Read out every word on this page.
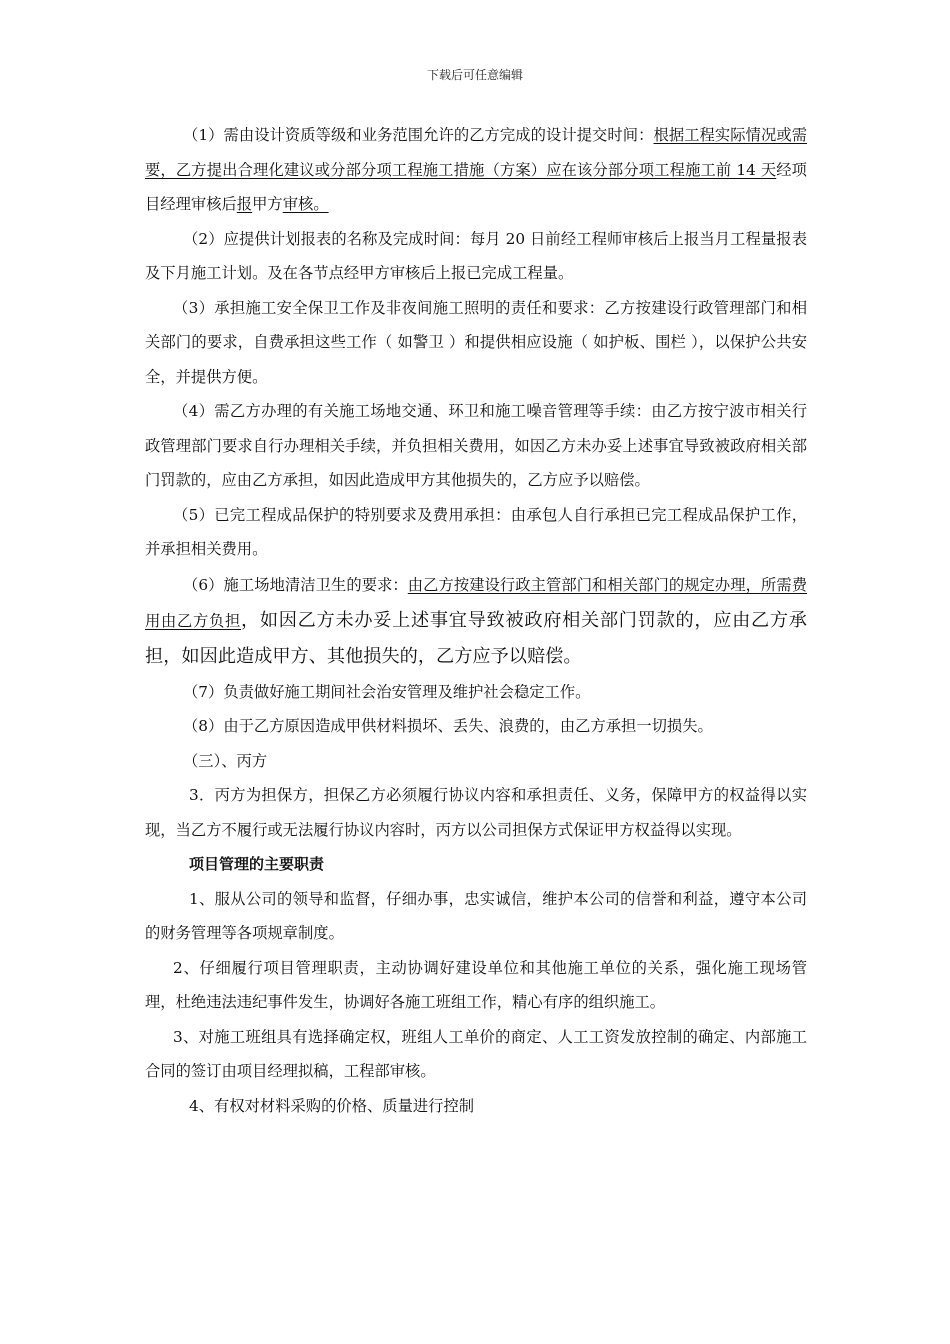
下载后可任意编辑

（1）需由设计资质等级和业务范围允许的乙方完成的设计提交时间：根据工程实际情况或需要，乙方提出合理化建议或分部分项工程施工措施（方案）应在该分部分项工程施工前 14 天经项目经理审核后报甲方审核。

（2）应提供计划报表的名称及完成时间：每月 20 日前经工程师审核后上报当月工程量报表及下月施工计划。及在各节点经甲方审核后上报已完成工程量。

（3）承担施工安全保卫工作及非夜间施工照明的责任和要求：乙方按建设行政管理部门和相关部门的要求，自费承担这些工作（ 如警卫 ）和提供相应设施（ 如护板、围栏 ），以保护公共安全，并提供方便。

（4）需乙方办理的有关施工场地交通、环卫和施工噪音管理等手续：由乙方按宁波市相关行政管理部门要求自行办理相关手续，并负担相关费用，如因乙方未办妥上述事宜导致被政府相关部门罚款的，应由乙方承担，如因此造成甲方其他损失的，乙方应予以赔偿。

（5）已完工程成品保护的特别要求及费用承担：由承包人自行承担已完工程成品保护工作，并承担相关费用。

（6）施工场地清洁卫生的要求：由乙方按建设行政主管部门和相关部门的规定办理，所需费用由乙方负担，如因乙方未办妥上述事宜导致被政府相关部门罚款的，应由乙方承担，如因此造成甲方、其他损失的，乙方应予以赔偿。

（7）负责做好施工期间社会治安管理及维护社会稳定工作。

（8）由于乙方原因造成甲供材料损坏、丢失、浪费的，由乙方承担一切损失。

（三）、丙方

3．丙方为担保方，担保乙方必须履行协议内容和承担责任、义务，保障甲方的权益得以实现，当乙方不履行或无法履行协议内容时，丙方以公司担保方式保证甲方权益得以实现。

项目管理的主要职责

1、服从公司的领导和监督，仔细办事，忠实诚信，维护本公司的信誉和利益，遵守本公司的财务管理等各项规章制度。

2、仔细履行项目管理职责，主动协调好建设单位和其他施工单位的关系，强化施工现场管理，杜绝违法违纪事件发生，协调好各施工班组工作，精心有序的组织施工。

3、对施工班组具有选择确定权，班组人工单价的商定、人工工资发放控制的确定、内部施工合同的签订由项目经理拟稿，工程部审核。

4、有权对材料采购的价格、质量进行控制
